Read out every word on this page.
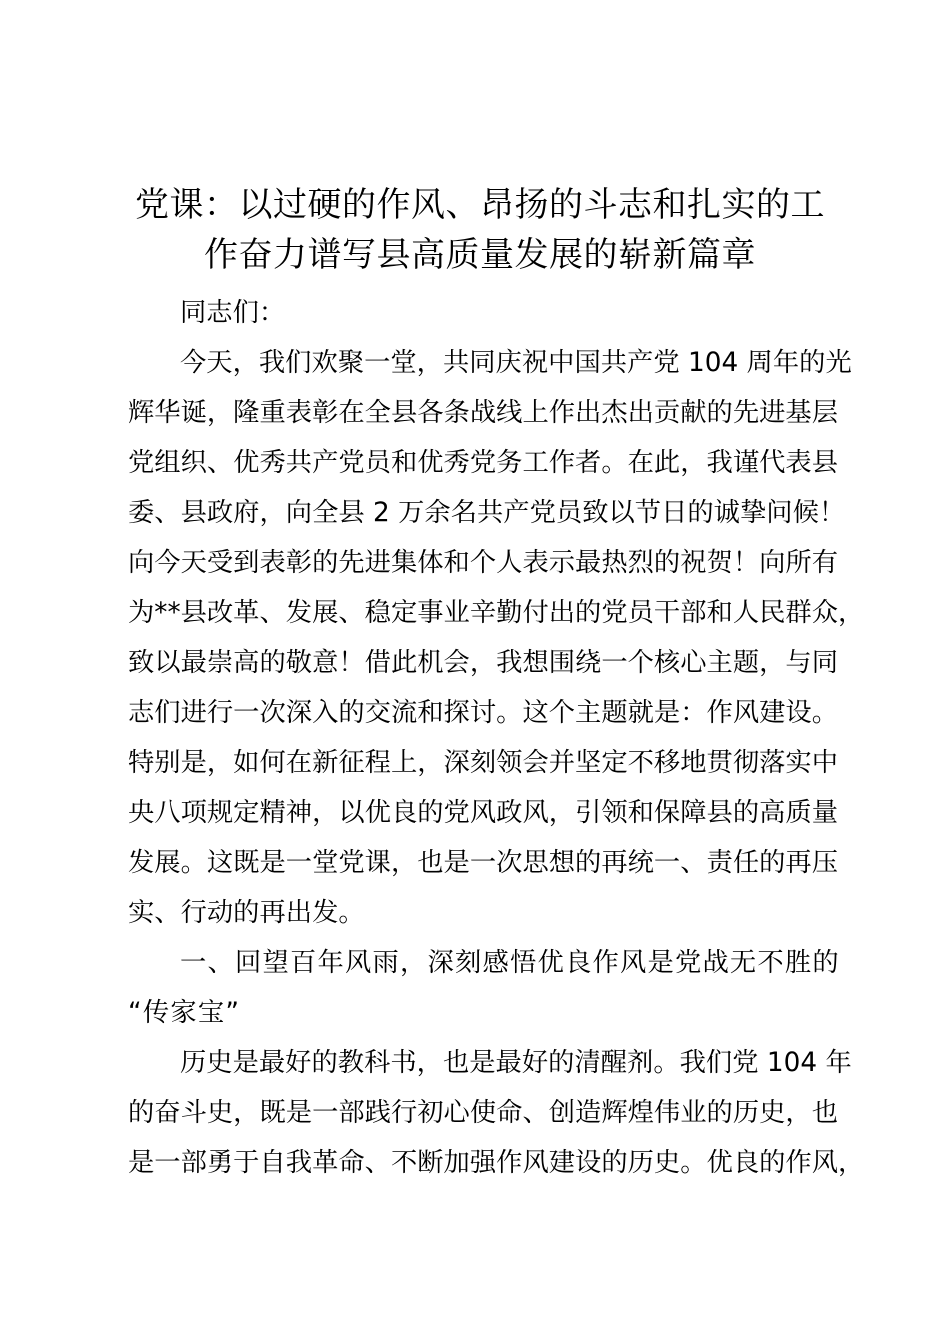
党课：以过硬的作风、昂扬的斗志和扎实的工
作奋力谱写县高质量发展的崭新篇章
同志们：
今天，我们欢聚一堂，共同庆祝中国共产党 104 周年的光
辉华诞，隆重表彰在全县各条战线上作出杰出贡献的先进基层
党组织、优秀共产党员和优秀党务工作者。在此，我谨代表县
委、县政府，向全县 2 万余名共产党员致以节日的诚挚问候！
向今天受到表彰的先进集体和个人表示最热烈的祝贺！向所有
为**县改革、发展、稳定事业辛勤付出的党员干部和人民群众，
致以最崇高的敬意！借此机会，我想围绕一个核心主题，与同
志们进行一次深入的交流和探讨。这个主题就是：作风建设。
特别是，如何在新征程上，深刻领会并坚定不移地贯彻落实中
央八项规定精神，以优良的党风政风，引领和保障县的高质量
发展。这既是一堂党课，也是一次思想的再统一、责任的再压
实、行动的再出发。
一、回望百年风雨，深刻感悟优良作风是党战无不胜的
“传家宝”
历史是最好的教科书，也是最好的清醒剂。我们党 104 年
的奋斗史，既是一部践行初心使命、创造辉煌伟业的历史，也
是一部勇于自我革命、不断加强作风建设的历史。优良的作风，
